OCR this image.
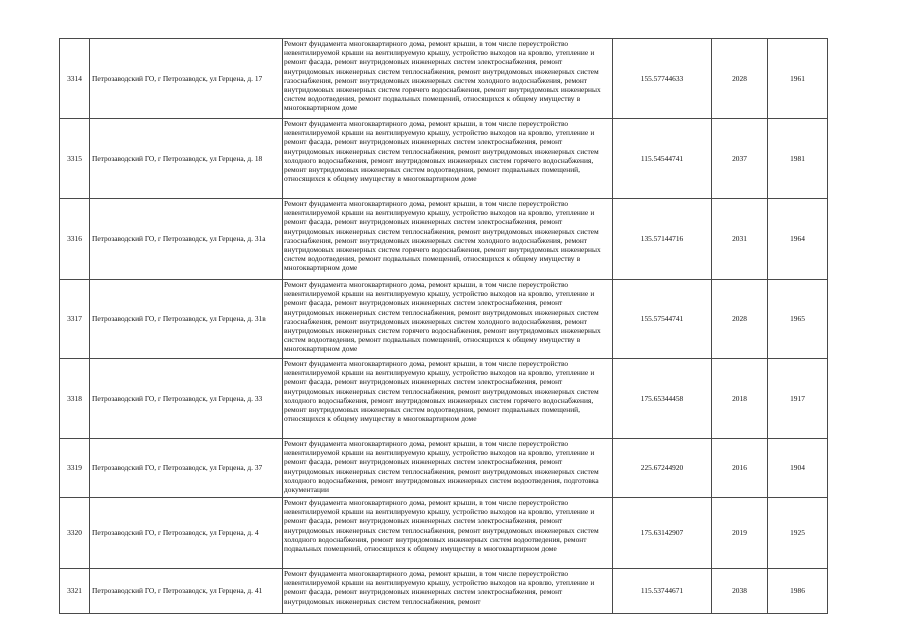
3314	Петрозаводский ГО, г Петрозаводск, ул Герцена, д. 17	Ремонт фундамента многоквартирного дома, ремонт крыши, в том числе переустройство невентилируемой крыши на вентилируемую крышу, устройство выходов на кровлю, утепление и ремонт фасада, ремонт внутридомовых инженерных систем электроснабжения, ремонт внутридомовых инженерных систем теплоснабжения, ремонт внутридомовых инженерных систем газоснабжения, ремонт внутридомовых инженерных систем холодного водоснабжения, ремонт внутридомовых инженерных систем горячего водоснабжения, ремонт внутридомовых инженерных систем водоотведения, ремонт подвальных помещений, относящихся к общему имуществу в многоквартирном доме	155.57744633	2028	1961
3315	Петрозаводский ГО, г Петрозаводск, ул Герцена, д. 18	Ремонт фундамента многоквартирного дома, ремонт крыши, в том числе переустройство невентилируемой крыши на вентилируемую крышу, устройство выходов на кровлю, утепление и ремонт фасада, ремонт внутридомовых инженерных систем электроснабжения, ремонт внутридомовых инженерных систем теплоснабжения, ремонт внутридомовых инженерных систем холодного водоснабжения, ремонт внутридомовых инженерных систем горячего водоснабжения, ремонт внутридомовых инженерных систем водоотведения, ремонт подвальных помещений, относящихся к общему имуществу в многоквартирном доме	115.54544741	2037	1981
3316	Петрозаводский ГО, г Петрозаводск, ул Герцена, д. 31а	Ремонт фундамента многоквартирного дома, ремонт крыши, в том числе переустройство невентилируемой крыши на вентилируемую крышу, устройство выходов на кровлю, утепление и ремонт фасада, ремонт внутридомовых инженерных систем электроснабжения, ремонт внутридомовых инженерных систем теплоснабжения, ремонт внутридомовых инженерных систем газоснабжения, ремонт внутридомовых инженерных систем холодного водоснабжения, ремонт внутридомовых инженерных систем горячего водоснабжения, ремонт внутридомовых инженерных систем водоотведения, ремонт подвальных помещений, относящихся к общему имуществу в многоквартирном доме	135.57144716	2031	1964
3317	Петрозаводский ГО, г Петрозаводск, ул Герцена, д. 31в	Ремонт фундамента многоквартирного дома, ремонт крыши, в том числе переустройство невентилируемой крыши на вентилируемую крышу, устройство выходов на кровлю, утепление и ремонт фасада, ремонт внутридомовых инженерных систем электроснабжения, ремонт внутридомовых инженерных систем теплоснабжения, ремонт внутридомовых инженерных систем газоснабжения, ремонт внутридомовых инженерных систем холодного водоснабжения, ремонт внутридомовых инженерных систем горячего водоснабжения, ремонт внутридомовых инженерных систем водоотведения, ремонт подвальных помещений, относящихся к общему имуществу в многоквартирном доме	155.57544741	2028	1965
3318	Петрозаводский ГО, г Петрозаводск, ул Герцена, д. 33	Ремонт фундамента многоквартирного дома, ремонт крыши, в том числе переустройство невентилируемой крыши на вентилируемую крышу, устройство выходов на кровлю, утепление и ремонт фасада, ремонт внутридомовых инженерных систем электроснабжения, ремонт внутридомовых инженерных систем теплоснабжения, ремонт внутридомовых инженерных систем холодного водоснабжения, ремонт внутридомовых инженерных систем горячего водоснабжения, ремонт внутридомовых инженерных систем водоотведения, ремонт подвальных помещений, относящихся к общему имуществу в многоквартирном доме	175.65344458	2018	1917
3319	Петрозаводский ГО, г Петрозаводск, ул Герцена, д. 37	Ремонт фундамента многоквартирного дома, ремонт крыши, в том числе переустройство невентилируемой крыши на вентилируемую крышу, устройство выходов на кровлю, утепление и ремонт фасада, ремонт внутридомовых инженерных систем электроснабжения, ремонт внутридомовых инженерных систем теплоснабжения, ремонт внутридомовых инженерных систем холодного водоснабжения, ремонт внутридомовых инженерных систем водоотведения, подготовка документации	225.67244920	2016	1904
3320	Петрозаводский ГО, г Петрозаводск, ул Герцена, д. 4	Ремонт фундамента многоквартирного дома, ремонт крыши, в том числе переустройство невентилируемой крыши на вентилируемую крышу, устройство выходов на кровлю, утепление и ремонт фасада, ремонт внутридомовых инженерных систем электроснабжения, ремонт внутридомовых инженерных систем теплоснабжения, ремонт внутридомовых инженерных систем холодного водоснабжения, ремонт внутридомовых инженерных систем водоотведения, ремонт подвальных помещений, относящихся к общему имуществу в многоквартирном доме	175.63142907	2019	1925
3321	Петрозаводский ГО, г Петрозаводск, ул Герцена, д. 41	Ремонт фундамента многоквартирного дома, ремонт крыши, в том числе переустройство невентилируемой крыши на вентилируемую крышу, устройство выходов на кровлю, утепление и ремонт фасада, ремонт внутридомовых инженерных систем электроснабжения, ремонт внутридомовых инженерных систем теплоснабжения, ремонт	115.53744671	2038	1986
